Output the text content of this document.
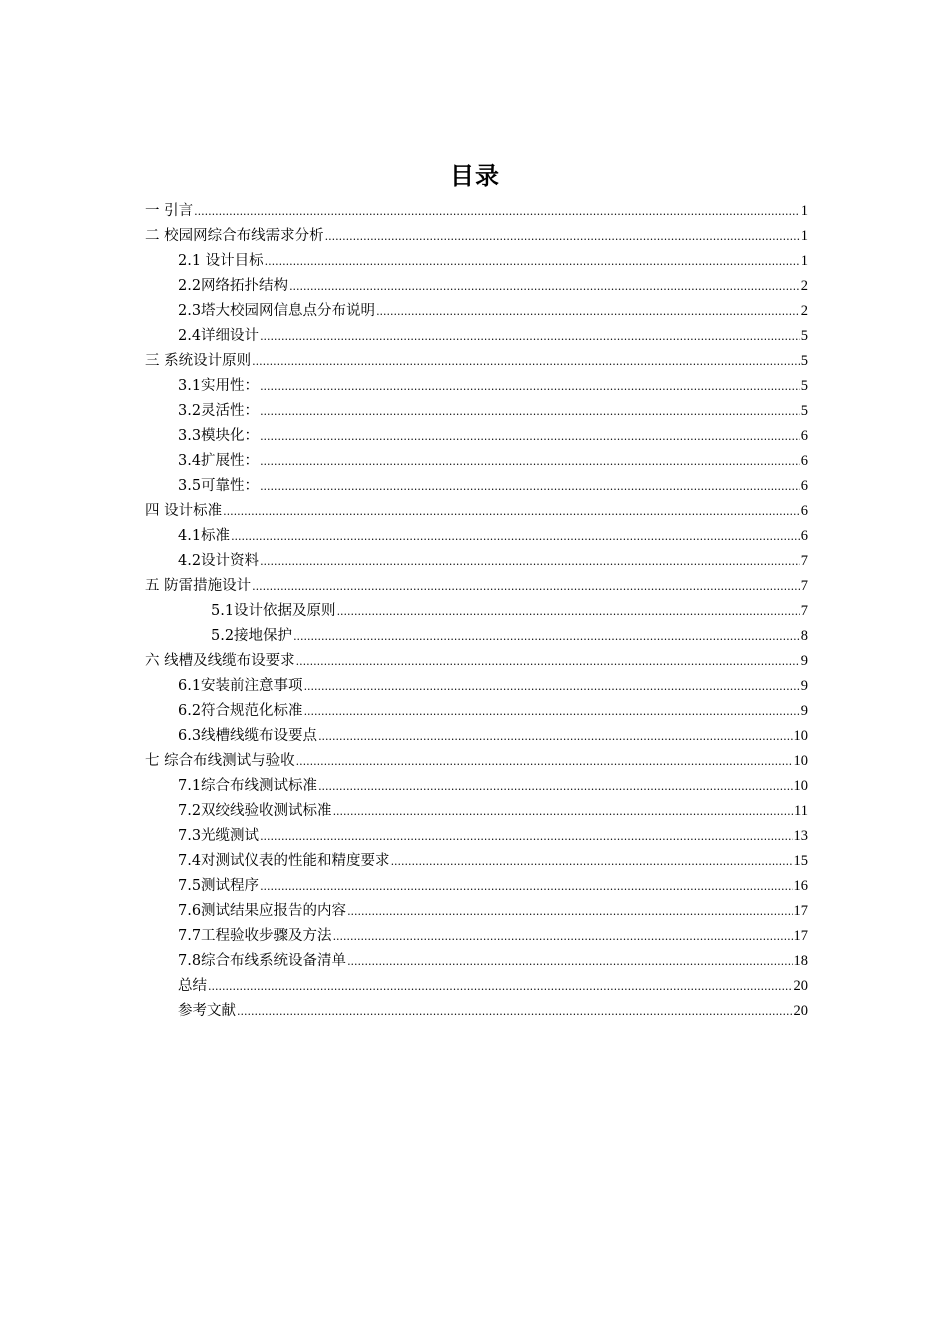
目录
一 引言 .....	1
二 校园网综合布线需求分析 .....	1
2.1 设计目标 .....	1
2.2网络拓扑结构 .....	2
2.3塔大校园网信息点分布说明 .....	2
2.4详细设计 .....	5
三 系统设计原则 .....	5
3.1实用性： .....	5
3.2灵活性： .....	5
3.3模块化： .....	6
3.4扩展性： .....	6
3.5可靠性： .....	6
四 设计标准 .....	6
4.1标准 .....	6
4.2设计资料 .....	7
五 防雷措施设计 .....	7
5.1设计依据及原则 .....	7
5.2接地保护 .....	8
六 线槽及线缆布设要求 .....	9
6.1安装前注意事项 .....	9
6.2符合规范化标准 .....	9
6.3线槽线缆布设要点 .....	10
七 综合布线测试与验收 .....	10
7.1综合布线测试标准 .....	10
7.2双绞线验收测试标准 .....	11
7.3光缆测试 .....	13
7.4对测试仪表的性能和精度要求 .....	15
7.5测试程序 .....	16
7.6测试结果应报告的内容 .....	17
7.7工程验收步骤及方法 .....	17
7.8综合布线系统设备清单 .....	18
总结 .....	20
参考文献 .....	20
